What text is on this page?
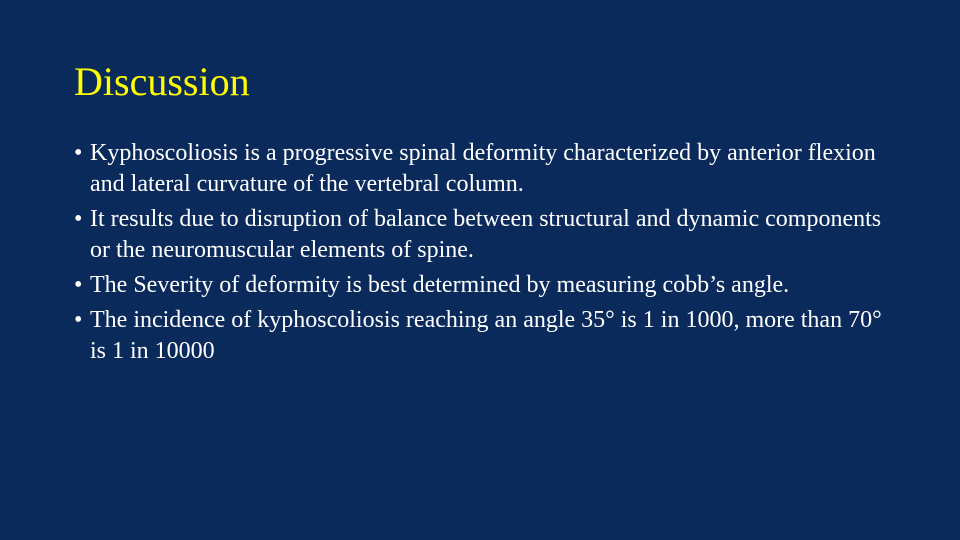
Discussion
• Kyphoscoliosis is a progressive spinal deformity characterized by anterior flexion and lateral curvature of the vertebral column.
• It results due to disruption of balance between structural and dynamic components or the neuromuscular elements of spine.
• The Severity of deformity is best determined by measuring cobb’s angle.
• The incidence of kyphoscoliosis reaching an angle 35° is 1 in 1000, more than 70° is 1 in 10000
